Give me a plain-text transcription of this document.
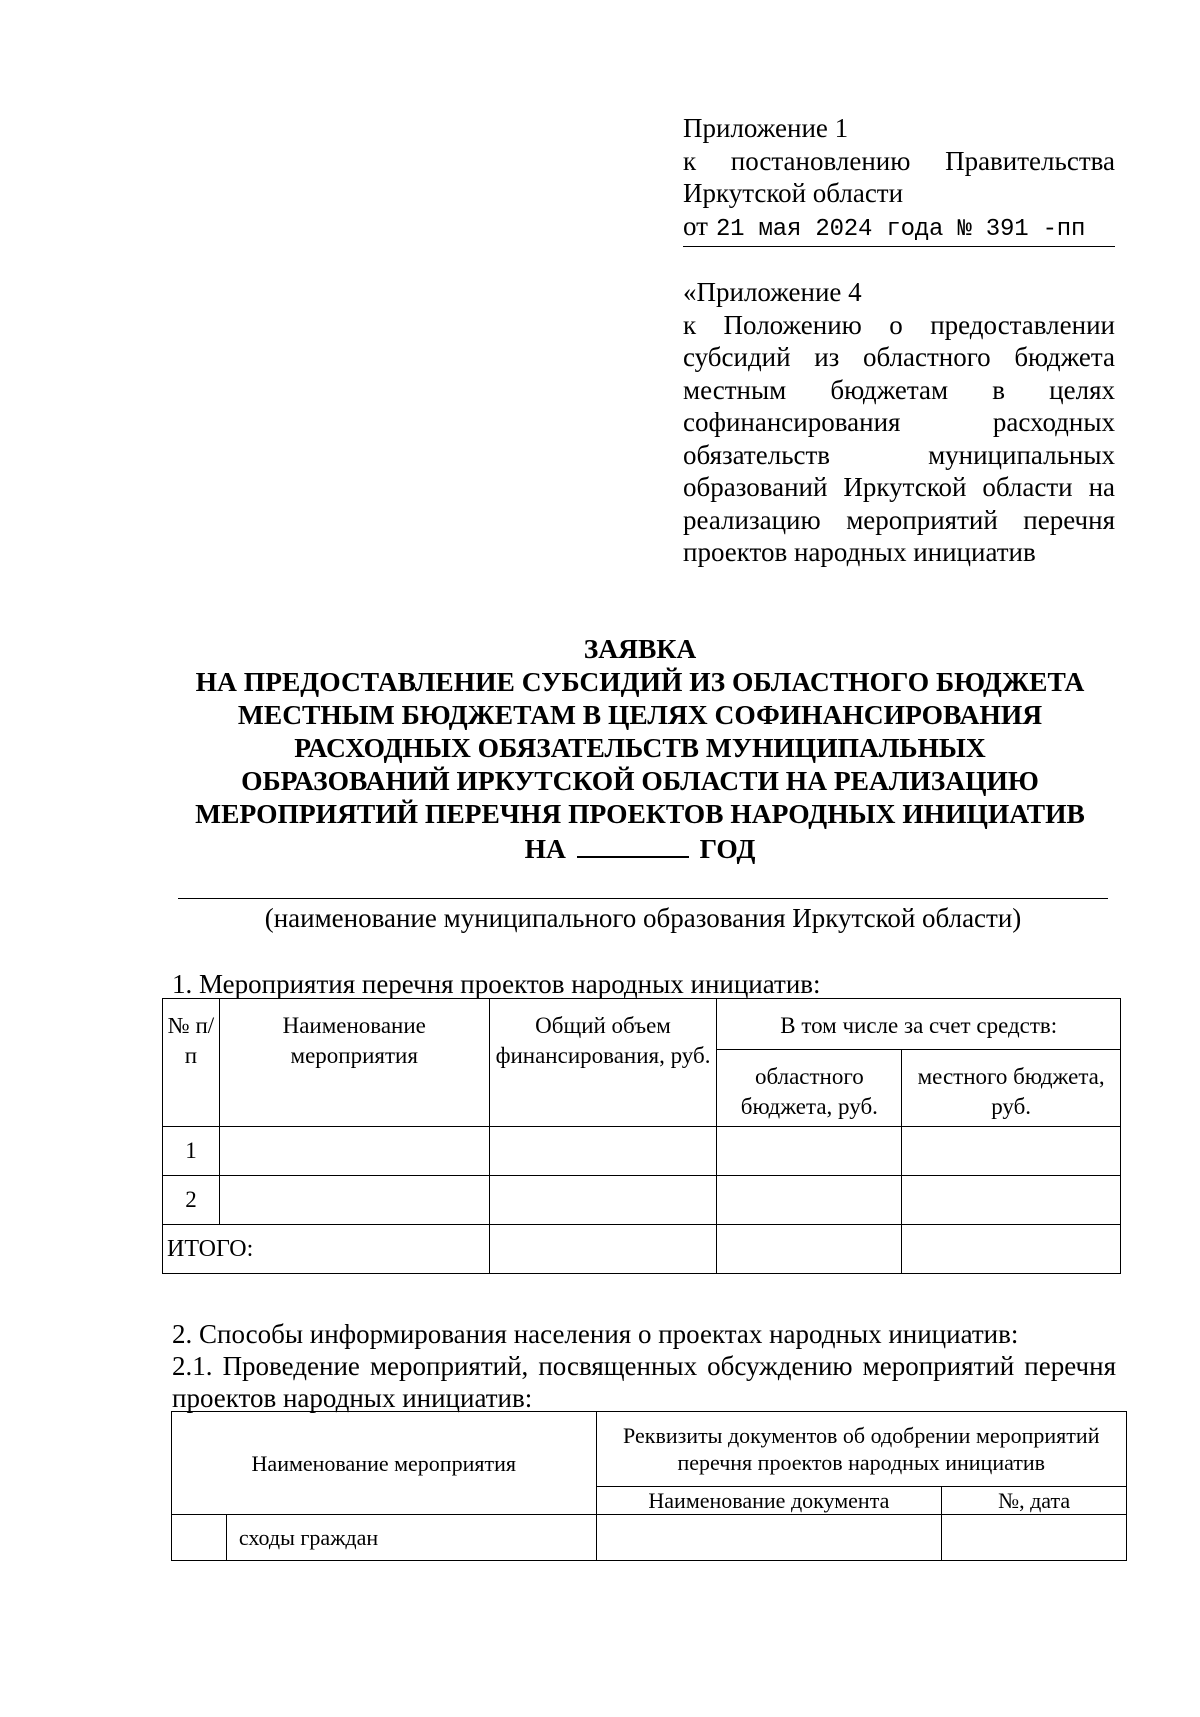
Приложение 1

к постановлению Правительства Иркутской области

от 21 мая 2024 года № 391 -пп

«Приложение 4

к Положению о предоставлении субсидий из областного бюджета местным бюджетам в целях софинансирования расходных обязательств муниципальных образований Иркутской области на реализацию мероприятий перечня проектов народных инициатив

ЗАЯВКА
НА ПРЕДОСТАВЛЕНИЕ СУБСИДИЙ ИЗ ОБЛАСТНОГО БЮДЖЕТА
МЕСТНЫМ БЮДЖЕТАМ В ЦЕЛЯХ СОФИНАНСИРОВАНИЯ
РАСХОДНЫХ ОБЯЗАТЕЛЬСТВ МУНИЦИПАЛЬНЫХ
ОБРАЗОВАНИЙ ИРКУТСКОЙ ОБЛАСТИ НА РЕАЛИЗАЦИЮ
МЕРОПРИЯТИЙ ПЕРЕЧНЯ ПРОЕКТОВ НАРОДНЫХ ИНИЦИАТИВ
НА	ГОД
(наименование муниципального образования Иркутской области)

1. Мероприятия перечня проектов народных инициатив:

№ п/п	Наименование мероприятия	Общий объем финансирования, руб.	В том числе за счет средств:	
			областного бюджета, руб.	местного бюджета, руб.
1				
2				
ИТОГО:				

2. Способы информирования населения о проектах народных инициатив:

2.1. Проведение мероприятий, посвященных обсуждению мероприятий перечня проектов народных инициатив:

Наименование мероприятия		Реквизиты документов об одобрении мероприятий перечня проектов народных инициатив	
		Наименование документа	№, дата
	сходы граждан		
